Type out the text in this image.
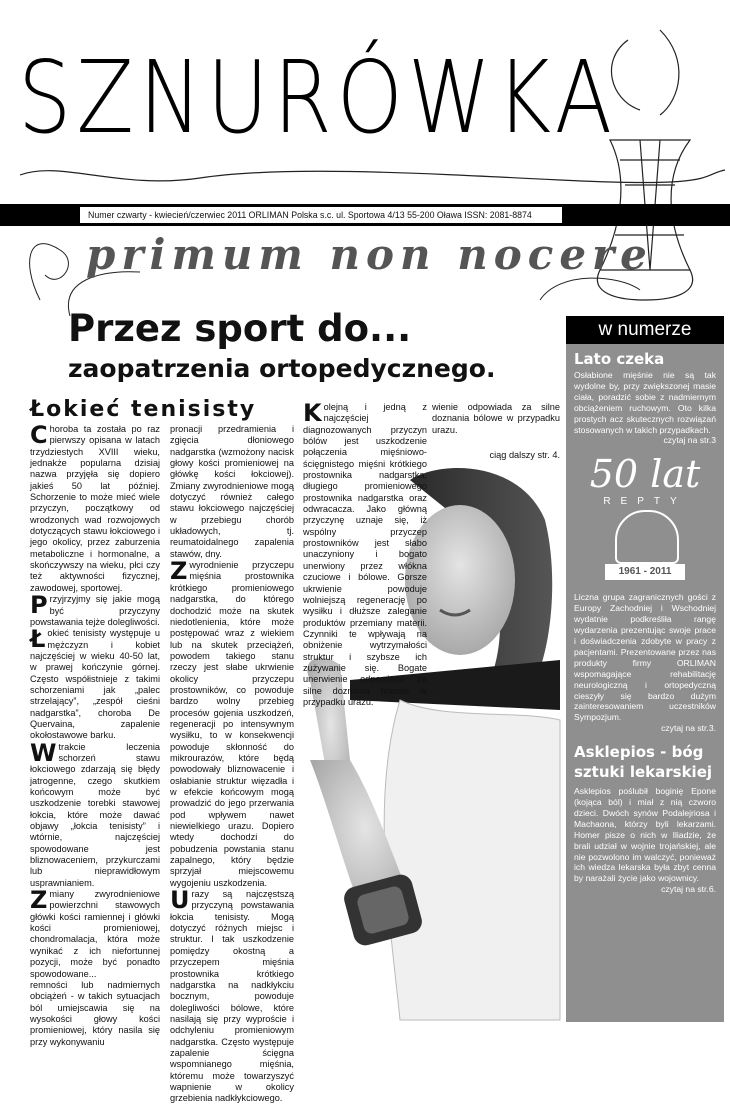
SZNURÓWKA
Numer czwarty - kwiecień/czerwiec 2011 ORLIMAN Polska s.c. ul. Sportowa 4/13 55-200 Oława ISSN: 2081-8874
primum non nocere
Przez sport do...
zaopatrzenia ortopedycznego.
Łokieć tenisisty

Choroba ta została po raz pierwszy opisana w latach trzydziestych XVIII wieku, jednakże popularna dzisiaj nazwa przyjęła się dopiero jakieś 50 lat później. Schorzenie to może mieć wiele przyczyn, początkowy od wrodzonych wad rozwojowych dotyczących stawu łokciowego i jego okolicy, przez zaburzenia metaboliczne i hormonalne, a skończywszy na wieku, płci czy też aktywności fizycznej, zawodowej, sportowej.

Przyjrzyjmy się jakie mogą być przyczyny powstawania tejże dolegliwości.

Łokieć tenisisty występuje u mężczyzn i kobiet najczęściej w wieku 40-50 lat, w prawej kończynie górnej. Często współistnieje z takimi schorzeniami jak „palec strzelający”, „zespół cieśni nadgarstka”, choroba De Quervaina, zapalenie okołostawowe barku.

Wtrakcie leczenia schorzeń stawu łokciowego zdarzają się błędy jatrogenne, czego skutkiem końcowym może być uszkodzenie torebki stawowej łokcia, które może dawać objawy „łokcia tenisisty” i wtórnie, najczęściej spowodowane jest bliznowaceniem, przykurczami lub nieprawidłowym usprawnianiem.

Zmiany zwyrodnieniowe powierzchni stawowych główki kości ramiennej i główki kości promieniowej, chondromalacja, która może wynikać z ich niefortunnej pozycji, może być ponadto spowodowane...

remności lub nadmiernych obciążeń - w takich sytuacjach ból umiejscawia się na wysokości głowy kości promieniowej, który nasila się przy wykonywaniu

pronacji przedramienia i zgięcia dłoniowego nadgarstka (wzmożony nacisk głowy kości promieniowej na główkę kości łokciowej). Zmiany zwyrodnieniowe mogą dotyczyć również całego stawu łokciowego najczęściej w przebiegu chorób układowych, tj. reumatoidalnego zapalenia stawów, dny.

Zwyrodnienie przyczepu mięśnia prostownika krótkiego promieniowego nadgarstka, do którego dochodzić może na skutek niedotlenienia, które może postępować wraz z wiekiem lub na skutek przeciążeń, powodem takiego stanu rzeczy jest słabe ukrwienie okolicy przyczepu prostowników, co powoduje bardzo wolny przebieg procesów gojenia uszkodzeń, regeneracji po intensywnym wysiłku, to w konsekwencji powoduje skłonność do mikrourazów, które będą powodowały bliznowacenie i osłabianie struktur więzadła i w efekcie końcowym mogą prowadzić do jego przerwania pod wpływem nawet niewielkiego urazu. Dopiero wtedy dochodzi do pobudzenia powstania stanu zapalnego, który będzie sprzyjał miejscowemu wygojeniu uszkodzenia.

Urazy są najczęstszą przyczyną powstawania łokcia tenisisty. Mogą dotyczyć różnych miejsc i struktur. I tak uszkodzenie pomiędzy okostną a przyczepem mięśnia prostownika krótkiego nadgarstka na nadkłykciu bocznym, powoduje dolegliwości bólowe, które nasilają się przy wyproście i odchyleniu promieniowym nadgarstka. Często występuje zapalenie ścięgna wspomnianego mięśnia, któremu może towarzyszyć wapnienie w okolicy grzebienia nadkłykciowego.

Kolejną i jedną z najczęściej diagnozowanych przyczyn bólów jest uszkodzenie połączenia mięśniowo-ścięgnistego mięśni krótkiego prostownika nadgarstka, długiego promieniowego prostownika nadgarstka oraz odwracacza. Jako główną przyczynę uznaje się, iż wspólny przyczep prostowników jest słabo unaczyniony i bogato unerwiony przez włókna czuciowe i bólowe. Gorsze ukrwienie powoduje wolniejszą regenerację po wysiłku i dłuższe zaleganie produktów przemiany materii. Czynniki te wpływają na obniżenie wytrzymałości struktur i szybsze ich zużywanie się. Bogate unerwienie odpowiada za silne doznania bólowe w przypadku urazu.

wienie odpowiada za silne doznania bólowe w przypadku urazu.

ciąg dalszy str. 4.

w numerze
Lato czeka
Osłabione mięśnie nie są tak wydolne by, przy zwiększonej masie ciała, poradzić sobie z nadmiernym obciążeniem ruchowym. Oto kilka prostych acz skutecznych rozwiązań stosowanych w takich przypadkach.
czytaj na str.3
50 lat
REPTY
1961 - 2011
Liczna grupa zagranicznych gości z Europy Zachodniej i Wschodniej wydatnie podkreśliła rangę wydarzenia prezentując swoje prace i doświadczenia zdobyte w pracy z pacjentami. Prezentowane przez nas produkty firmy ORLIMAN wspomagające rehabilitację neurologiczną i ortopedyczną cieszyły się bardzo dużym zainteresowaniem uczestników Sympozjum.
czytaj na str.3.
Asklepios - bóg sztuki lekarskiej
Asklepios poślubił boginię Epone (kojąca ból) i miał z nią czworo dzieci. Dwóch synów Podalejriosa i Machaona, którzy byli lekarzami. Homer pisze o nich w Iliadzie, że brali udział w wojnie trojańskiej, ale nie pozwolono im walczyć, ponieważ ich wiedza lekarska była zbyt cenna by narażali życie jako wojownicy.
czytaj na str.6.
